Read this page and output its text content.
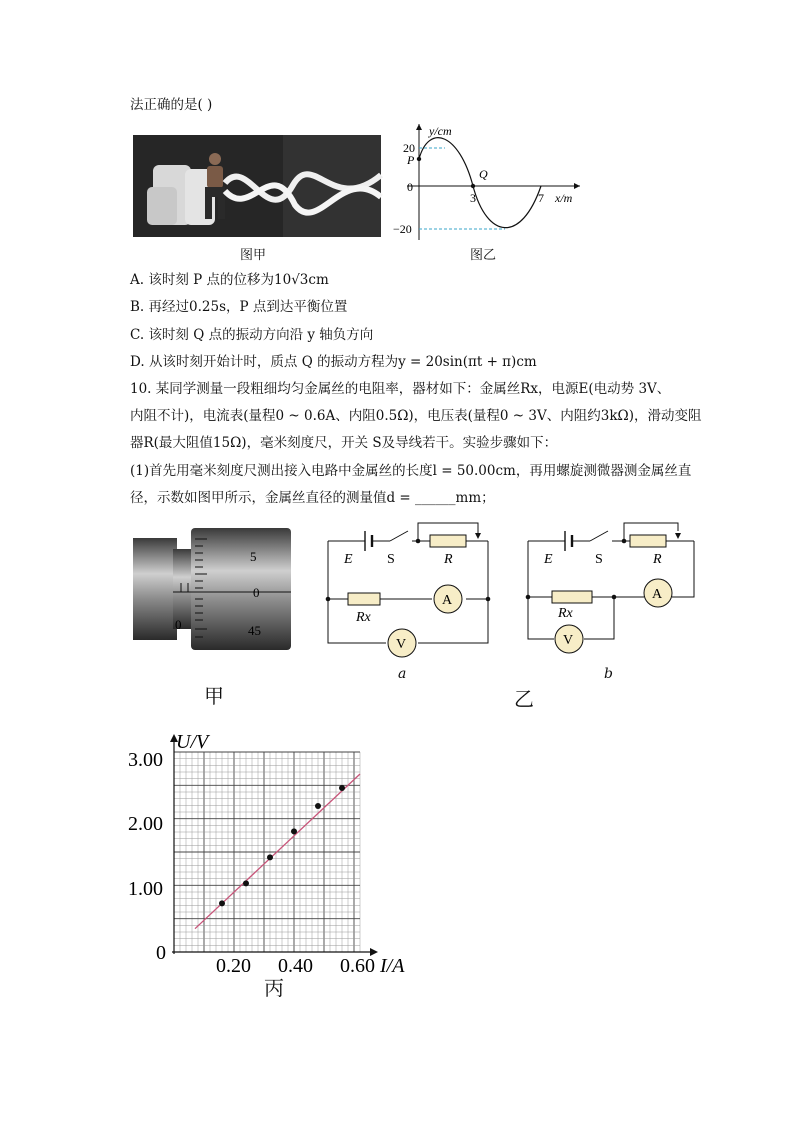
法正确的是( )
图甲
y/cm
x/m
20
0
−20
3	7
P
Q
图乙
A. 该时刻 P 点的位移为10√3cm
B. 再经过0.25s，P 点到达平衡位置
C. 该时刻 Q 点的振动方向沿 y 轴负方向
D. 从该时刻开始计时，质点 Q 的振动方程为y = 20sin(πt + π)cm
10. 某同学测量一段粗细均匀金属丝的电阻率，器材如下：金属丝Rx，电源E(电动势 3V、
内阻不计)，电流表(量程0 ~ 0.6A、内阻0.5Ω)，电压表(量程0 ~ 3V、内阻约3kΩ)，滑动变阻
器R(最大阻值15Ω)，毫米刻度尺，开关 S及导线若干。实验步骤如下：
(1)首先用毫米刻度尺测出接入电路中金属丝的长度l = 50.00cm，再用螺旋测微器测金属丝直
径，示数如图甲所示，金属丝直径的测量值d = ______mm；
5
0
45
0
甲
E S	R
Rx
A
V
a
E	S	R
Rx
A
V
b
乙
U/V
I/A
3.00
2.00
1.00
0
0.20 0.40 0.60
丙
